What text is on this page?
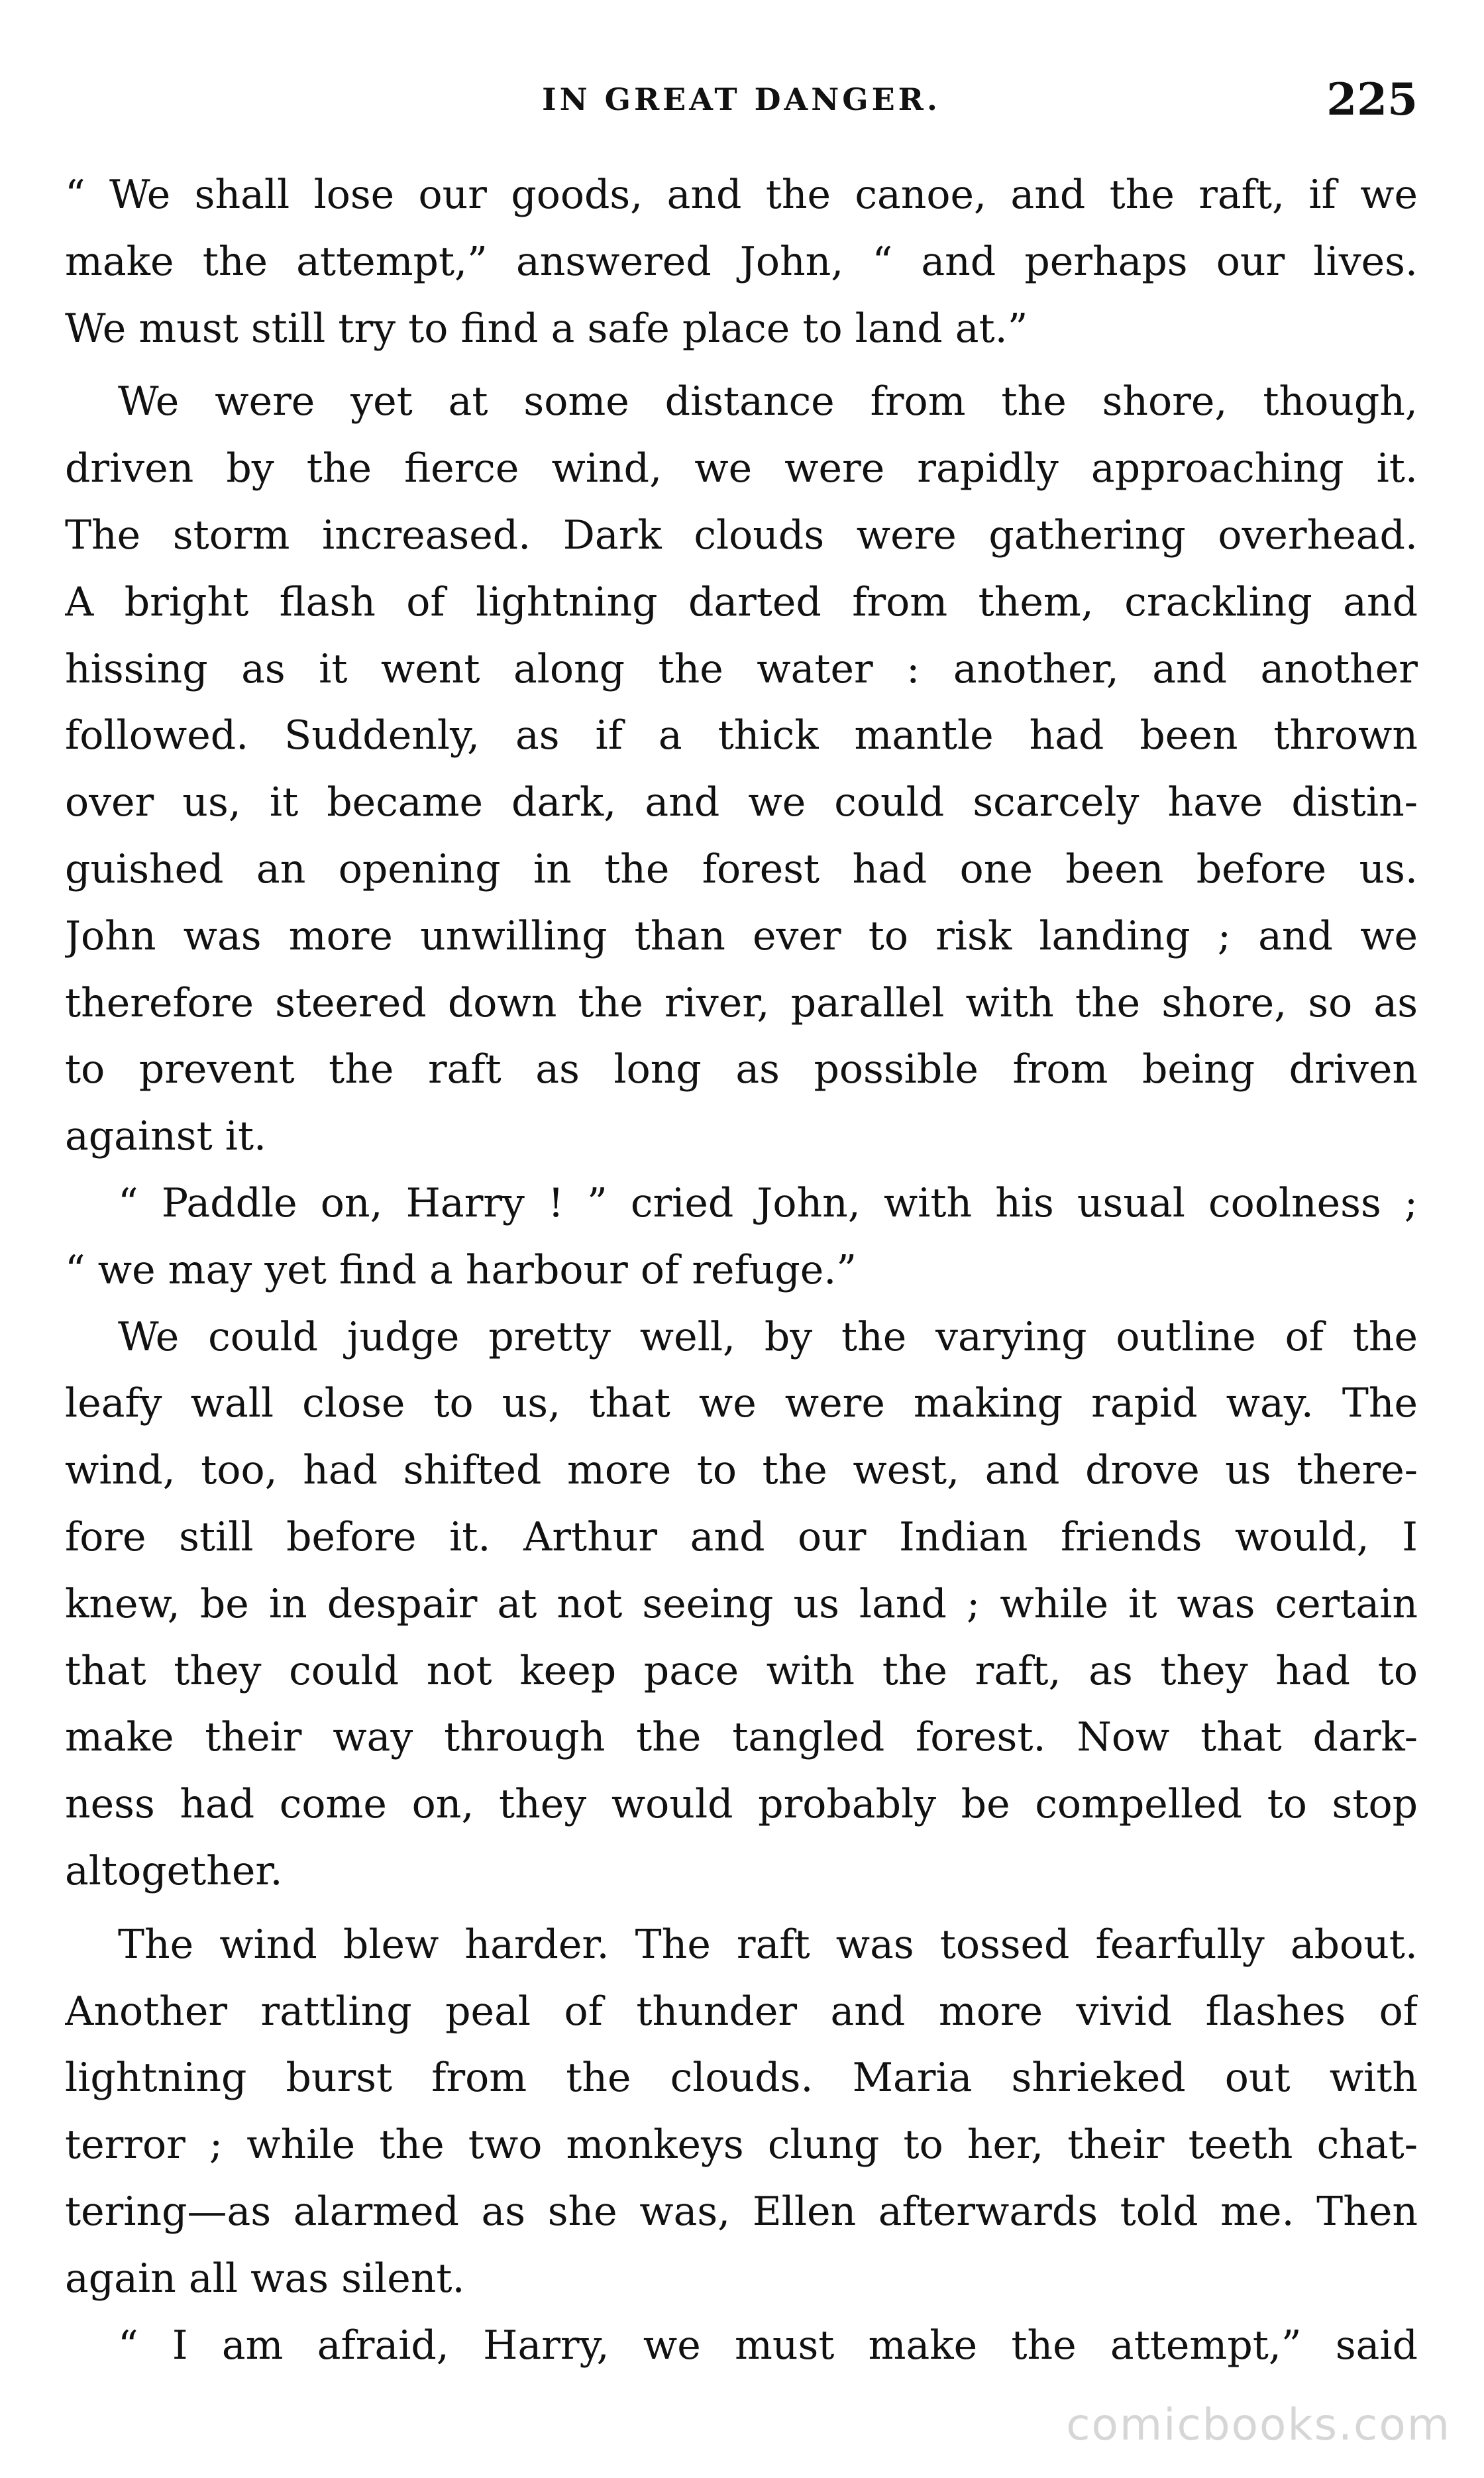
IN GREAT DANGER.	225
“ We shall lose our goods, and the canoe, and the raft, if we
make the attempt,” answered John, “ and perhaps our lives.
We must still try to find a safe place to land at.”
We were yet at some distance from the shore, though,
driven by the fierce wind, we were rapidly approaching it.
The storm increased. Dark clouds were gathering overhead.
A bright flash of lightning darted from them, crackling and
hissing as it went along the water : another, and another
followed. Suddenly, as if a thick mantle had been thrown
over us, it became dark, and we could scarcely have distin-
guished an opening in the forest had one been before us.
John was more unwilling than ever to risk landing ; and we
therefore steered down the river, parallel with the shore, so as
to prevent the raft as long as possible from being driven
against it.
“ Paddle on, Harry ! ” cried John, with his usual coolness ;
“ we may yet find a harbour of refuge.”
We could judge pretty well, by the varying outline of the
leafy wall close to us, that we were making rapid way. The
wind, too, had shifted more to the west, and drove us there-
fore still before it. Arthur and our Indian friends would, I
knew, be in despair at not seeing us land ; while it was certain
that they could not keep pace with the raft, as they had to
make their way through the tangled forest. Now that dark-
ness had come on, they would probably be compelled to stop
altogether.
The wind blew harder. The raft was tossed fearfully about.
Another rattling peal of thunder and more vivid flashes of
lightning burst from the clouds. Maria shrieked out with
terror ; while the two monkeys clung to her, their teeth chat-
tering—as alarmed as she was, Ellen afterwards told me. Then
again all was silent.
“ I am afraid, Harry, we must make the attempt,” said
comicbooks.com
